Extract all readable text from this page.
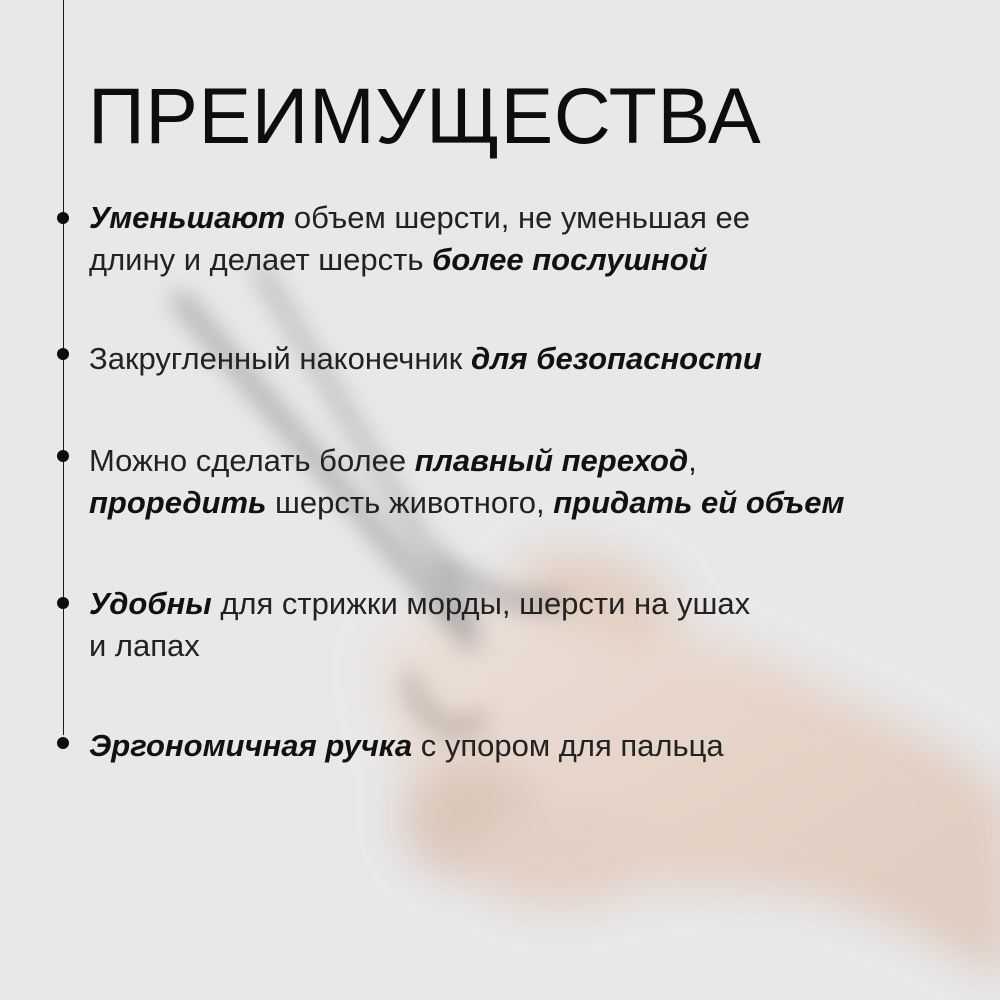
ПРЕИМУЩЕСТВА
Уменьшают объем шерсти, не уменьшая ее
длину и делает шерсть более послушной
Закругленный наконечник для безопасности
Можно сделать более плавный переход,
проредить шерсть животного, придать ей объем
Удобны для стрижки морды, шерсти на ушах
и лапах
Эргономичная ручка с упором для пальца
